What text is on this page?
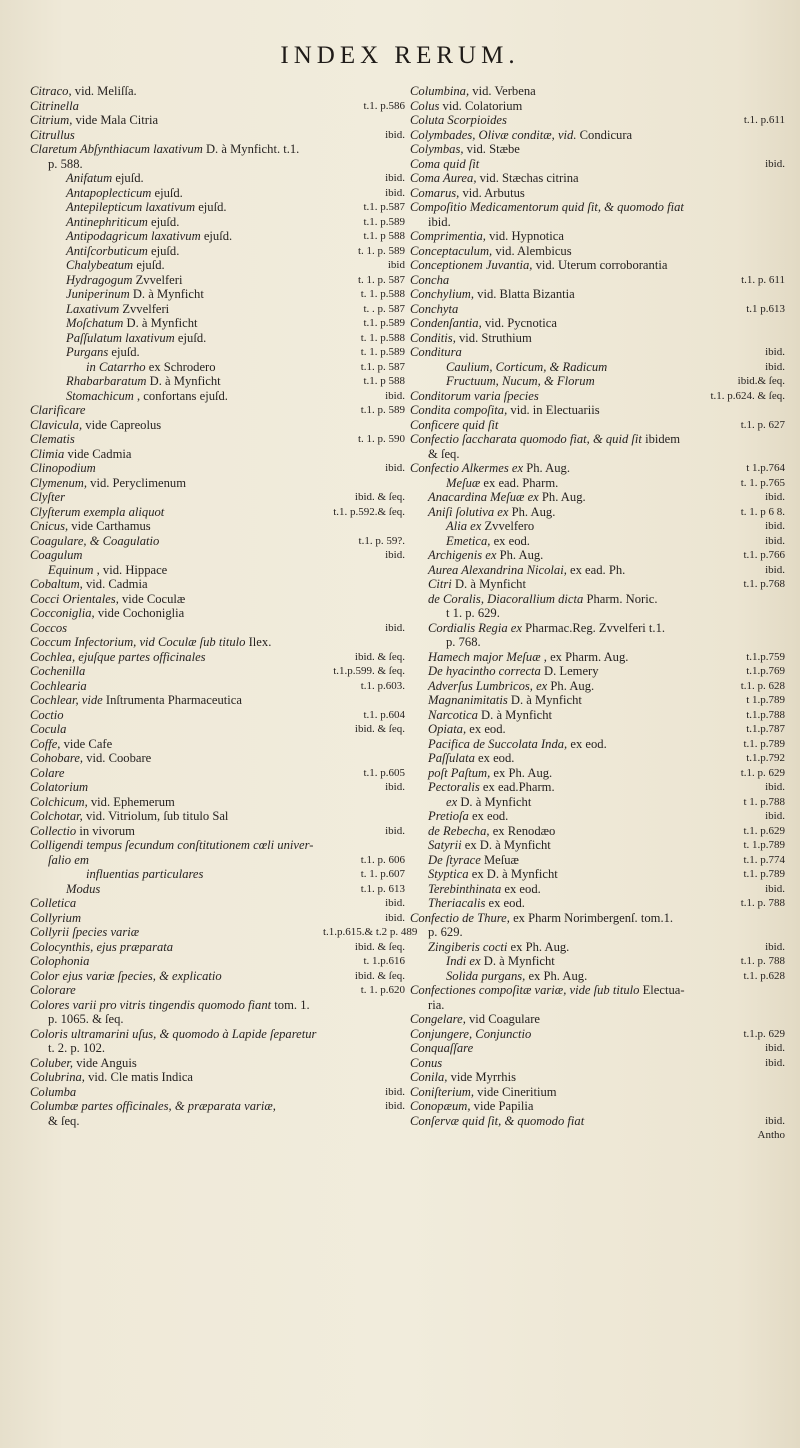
INDEX RERUM.
Citraco, vid. Meliſſa.
Citrinella	t.1. p.586
Citrium, vide Mala Citria
Citrullus	ibid.
Claretum Abſynthiacum laxativum D. à Mynficht. t.1.
p. 588.
Anifatum ejuſd.	ibid.
Antapoplecticum ejuſd.	ibid.
Antepilepticum laxativum ejuſd.	t.1. p.587
Antinephriticum ejuſd.	t.1. p.589
Antipodagricum laxativum ejuſd.	t.1. p 588
Antiſcorbuticum ejuſd.	t. 1. p. 589
Chalybeatum ejuſd.	ibid
Hydragogum Zvvelferi	t. 1. p. 587
Juniperinum D. à Mynficht	t. 1. p.588
Laxativum Zvvelferi	t. . p. 587
Moſchatum D. à Mynficht	t.1. p.589
Paſſulatum laxativum ejuſd.	t. 1. p.588
Purgans ejuſd.	t. 1. p.589
in Catarrho ex Schrodero	t.1. p. 587
Rhabarbaratum D. à Mynficht	t.1. p 588
Stomachicum , confortans ejuſd.	ibid.
Clarificare	t.1. p. 589
Clavicula, vide Capreolus
Clematis	t. 1. p. 590
Climia vide Cadmia
Clinopodium	ibid.
Clymenum, vid. Peryclimenum
Clyſter	ibid. & ſeq.
Clyſterum exempla aliquot	t.1. p.592.& ſeq.
Cnicus, vide Carthamus
Coagulare, & Coagulatio	t.1. p. 59?.
Coagulum	ibid.
Equinum , vid. Hippace
Cobaltum, vid. Cadmia
Cocci Orientales, vide Coculæ
Cocconiglia, vide Cochoniglia
Coccos	ibid.
Coccum Infectorium, vid Coculæ ſub titulo Ilex.
Cochlea, ejuſque partes officinales	ibid. & ſeq.
Cochenilla	t.1.p.599. & ſeq.
Cochlearia	t.1. p.603.
Cochlear, vide Inſtrumenta Pharmaceutica
Coctio	t.1. p.604
Cocula	ibid. & ſeq.
Coffe, vide Cafe
Cohobare, vid. Coobare
Colare	t.1. p.605
Colatorium	ibid.
Colchicum, vid. Ephemerum
Colchotar, vid. Vitriolum, ſub titulo Sal
Collectio in vivorum	ibid.
Colligendi tempus ſecundum conſtitutionem cœli univer-
ſalio em	t.1. p. 606
influentias particulares	t. 1. p.607
Modus	t.1. p. 613
Colletica	ibid.
Collyrium	ibid.
Collyrii ſpecies variæ	t.1.p.615.& t.2 p. 489
Colocynthis, ejus præparata	ibid. & ſeq.
Colophonia	t. 1.p.616
Color ejus variæ ſpecies, & explicatio	ibid. & ſeq.
Colorare	t. 1. p.620
Colores varii pro vitris tingendis quomodo fiant tom. 1.
p. 1065. & ſeq.
Coloris ultramarini uſus, & quomodo à Lapide ſeparetur
t. 2. p. 102.
Coluber, vide Anguis
Colubrina, vid. Cle matis Indica
Columba	ibid.
Columbæ partes officinales, & præparata variæ,	ibid.
& ſeq.
Columbina, vid. Verbena
Colus vid. Colatorium
Coluta Scorpioides	t.1. p.611
Colymbades, Olivæ conditæ, vid. Condicura
Colymbas, vid. Stæbe
Coma quid ſit	ibid.
Coma Aurea, vid. Stæchas citrina
Comarus, vid. Arbutus
Compoſitio Medicamentorum quid ſit, & quomodo fiat
ibid.
Comprimentia, vid. Hypnotica
Conceptaculum, vid. Alembicus
Conceptionem Juvantia, vid. Uterum corroborantia
Concha	t.1. p. 611
Conchylium, vid. Blatta Bizantia
Conchyta	t.1 p.613
Condenſantia, vid. Pycnotica
Conditis, vid. Struthium
Conditura	ibid.
Caulium, Corticum, & Radicum	ibid.
Fructuum, Nucum, & Florum	ibid.& ſeq.
Conditorum varia ſpecies	t.1. p.624. & ſeq.
Condita compoſita, vid. in Electuariis
Conficere quid ſit	t.1. p. 627
Confectio ſaccharata quomodo fiat, & quid ſit ibidem
& ſeq.
Confectio Alkermes ex Ph. Aug.	t 1.p.764
Meſuæ ex ead. Pharm.	t. 1. p.765
Anacardina Meſuæ ex Ph. Aug.	ibid.
Aniſi ſolutiva ex Ph. Aug.	t. 1. p 6 8.
Alia ex Zvvelfero	ibid.
Emetica, ex eod.	ibid.
Archigenis ex Ph. Aug.	t.1. p.766
Aurea Alexandrina Nicolai, ex ead. Ph.	ibid.
Citri D. à Mynficht	t.1. p.768
de Coralis, Diacorallium dicta Pharm. Noric.
t 1. p. 629.
Cordialis Regia ex Pharmac.Reg. Zvvelferi t.1.
p. 768.
Hamech major Meſuæ , ex Pharm. Aug.	t.1.p.759
De hyacintho correcta D. Lemery	t.1.p.769
Adverſus Lumbricos, ex Ph. Aug.	t.1. p. 628
Magnanimitatis D. à Mynficht	t 1.p.789
Narcotica D. à Mynficht	t.1.p.788
Opiata, ex eod.	t.1.p.787
Pacifica de Succolata Inda, ex eod.	t.1. p.789
Paſſulata ex eod.	t.1.p.792
poſt Paſtum, ex Ph. Aug.	t.1. p. 629
Pectoralis ex ead.Pharm.	ibid.
ex D. à Mynficht	t 1. p.788
Pretioſa ex eod.	ibid.
de Rebecha, ex Renodæo	t.1. p.629
Satyrii ex D. à Mynficht	t. 1.p.789
De ſtyrace Meſuæ	t.1. p.774
Styptica ex D. à Mynficht	t.1. p.789
Terebinthinata ex eod.	ibid.
Theriacalis ex eod.	t.1. p. 788
Confectio de Thure, ex Pharm Norimbergenſ. tom.1.
p. 629.
Zingiberis cocti ex Ph. Aug.	ibid.
Indi ex D. à Mynficht	t.1. p. 788
Solida purgans, ex Ph. Aug.	t.1. p.628
Confectiones compoſitæ variæ, vide ſub titulo Electua-
ria.
Congelare, vid Coagulare
Conjungere, Conjunctio	t.1.p. 629
Conquaſſare	ibid.
Conus	ibid.
Conila, vide Myrrhis
Coniſterium, vide Cineritium
Conopæum, vide Papilia
Conſervæ quid ſit, & quomodo fiat	ibid.
Antho
